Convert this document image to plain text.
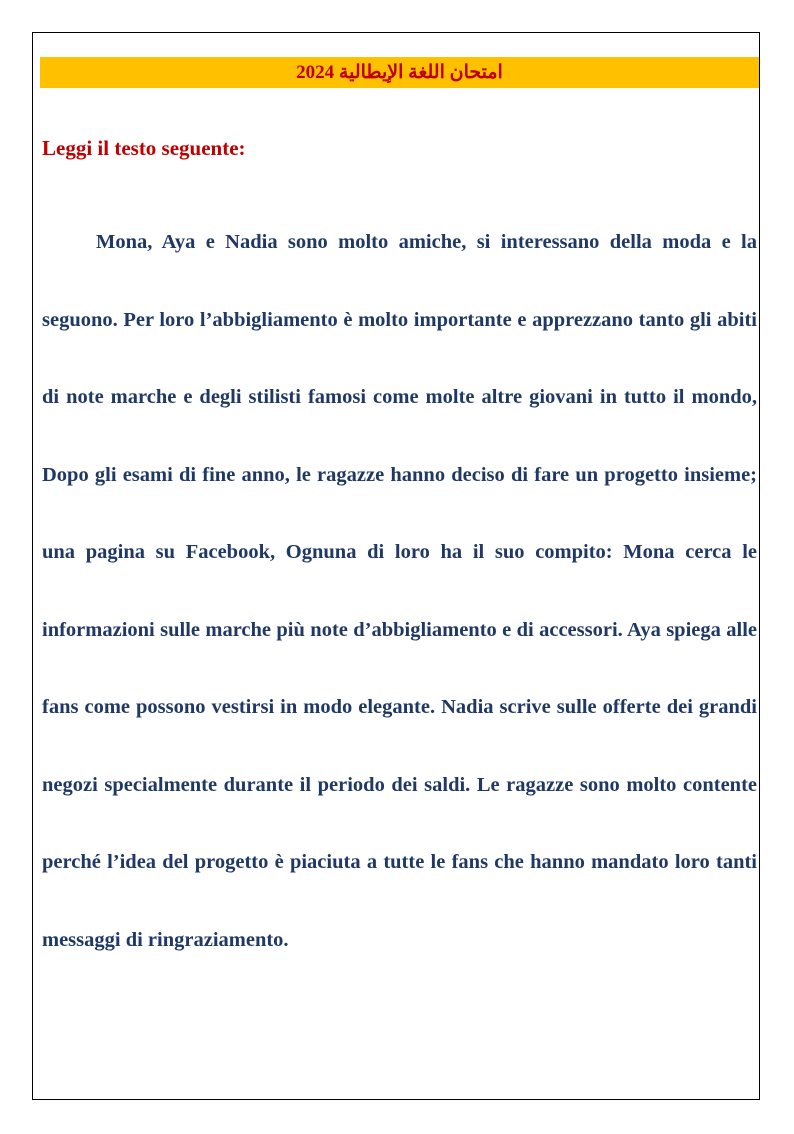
امتحان اللغة الإيطالية 2024
Leggi il testo seguente:

Mona, Aya e Nadia sono molto amiche, si interessano della moda e la seguono. Per loro l’abbigliamento è molto importante e apprezzano tanto gli abiti di note marche e degli stilisti famosi come molte altre giovani in tutto il mondo, Dopo gli esami di fine anno, le ragazze hanno deciso di fare un progetto insieme; una pagina su Facebook, Ognuna di loro ha il suo compito: Mona cerca le informazioni sulle marche più note d’abbigliamento e di accessori. Aya spiega alle fans come possono vestirsi in modo elegante. Nadia scrive sulle offerte dei grandi negozi specialmente durante il periodo dei saldi. Le ragazze sono molto contente perché l’idea del progetto è piaciuta a tutte le fans che hanno mandato loro tanti messaggi di ringraziamento.
